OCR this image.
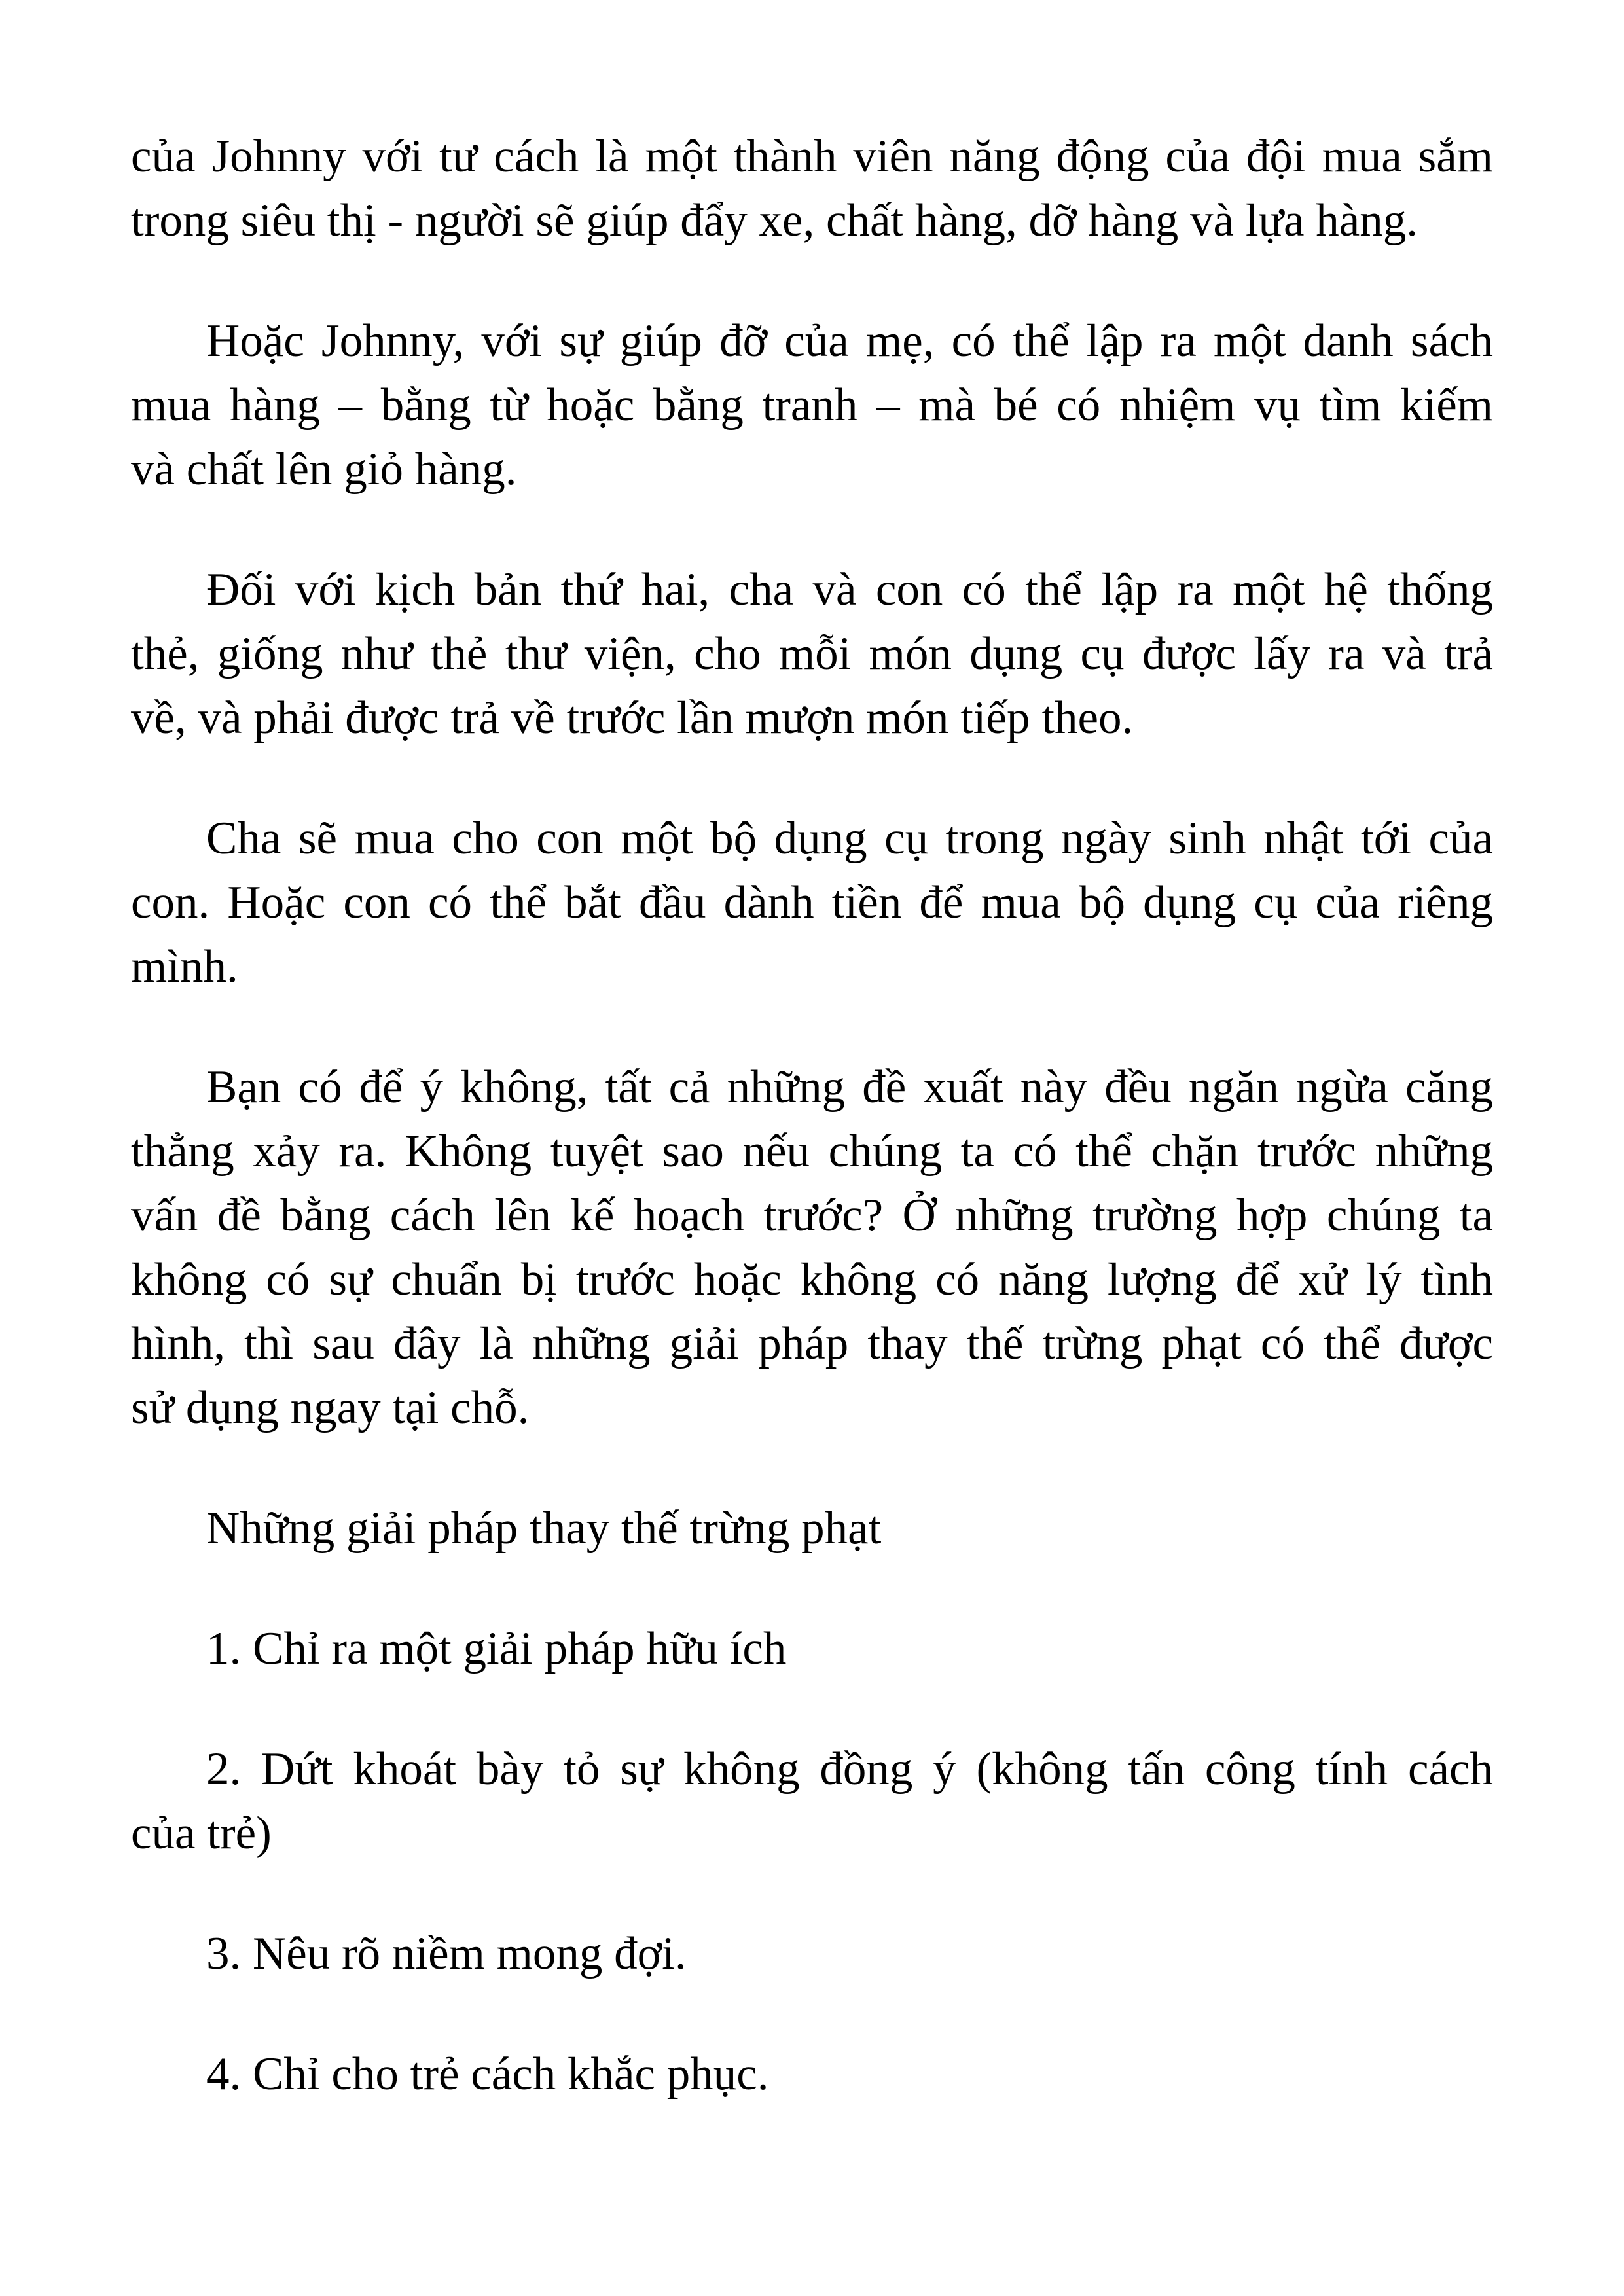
của Johnny với tư cách là một thành viên năng động của đội mua sắm
trong siêu thị - người sẽ giúp đẩy xe, chất hàng, dỡ hàng và lựa hàng.
Hoặc Johnny, với sự giúp đỡ của mẹ, có thể lập ra một danh sách
mua hàng – bằng từ hoặc bằng tranh – mà bé có nhiệm vụ tìm kiếm
và chất lên giỏ hàng.
Đối với kịch bản thứ hai, cha và con có thể lập ra một hệ thống
thẻ, giống như thẻ thư viện, cho mỗi món dụng cụ được lấy ra và trả
về, và phải được trả về trước lần mượn món tiếp theo.
Cha sẽ mua cho con một bộ dụng cụ trong ngày sinh nhật tới của
con. Hoặc con có thể bắt đầu dành tiền để mua bộ dụng cụ của riêng
mình.
Bạn có để ý không, tất cả những đề xuất này đều ngăn ngừa căng
thẳng xảy ra. Không tuyệt sao nếu chúng ta có thể chặn trước những
vấn đề bằng cách lên kế hoạch trước? Ở những trường hợp chúng ta
không có sự chuẩn bị trước hoặc không có năng lượng để xử lý tình
hình, thì sau đây là những giải pháp thay thế trừng phạt có thể được
sử dụng ngay tại chỗ.
Những giải pháp thay thế trừng phạt
1. Chỉ ra một giải pháp hữu ích
2. Dứt khoát bày tỏ sự không đồng ý (không tấn công tính cách
của trẻ)
3. Nêu rõ niềm mong đợi.
4. Chỉ cho trẻ cách khắc phục.
